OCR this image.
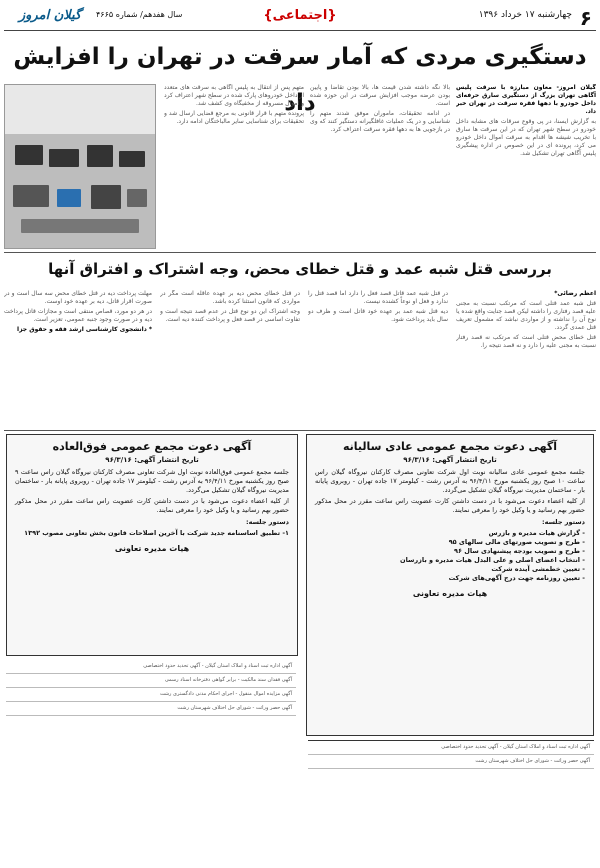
۶
چهارشنبه ۱۷ خرداد ۱۳۹۶
{اجتماعی}
سال هفدهم/ شماره ۴۶۶۵
گیلان امروز
دستگیری مردی که آمار سرقت در تهران را افزایش داد

گیلان امروز- معاون مبارزه با سرقت پلیس آگاهی تهران بزرگ از دستگیری سارق حرفه‌ای داخل خودرو با دهها فقره سرقت در تهران خبر داد.

به گزارش ایسنا، در پی وقوع سرقات های مشابه داخل خودرو در سطح شهر تهران که در این سرقت ها سارق با تخریب شیشه ها اقدام به سرقت اموال داخل خودرو می کرد، پرونده ای در این خصوص در اداره پیشگیری پلیس آگاهی تهران تشکیل شد.

بالا نگه داشته شدن قیمت ها، بالا بودن تقاضا و پایین بودن عرضه موجب افزایش سرقت در این حوزه شده است.

در ادامه تحقیقات، ماموران موفق شدند متهم را شناسایی و در یک عملیات غافلگیرانه دستگیر کنند که وی در بازجویی ها به دهها فقره سرقت اعتراف کرد.

متهم پس از انتقال به پلیس آگاهی به سرقت های متعدد از داخل خودروهای پارک شده در سطح شهر اعتراف کرد و اموال مسروقه از مخفیگاه وی کشف شد.

پرونده متهم با قرار قانونی به مرجع قضایی ارسال شد و تحقیقات برای شناسایی سایر مالباختگان ادامه دارد.

بررسی قتل شبه عمد و قتل خطای محض، وجه اشتراک و افتراق آنها

اعظم رضائی*

قتل شبه عمد قتلی است که مرتکب نسبت به مجنی علیه قصد رفتاری را داشته لیکن قصد جنایت واقع شده یا نوع آن را نداشته و از مواردی نباشد که مشمول تعریف قتل عمدی گردد.

قتل خطای محض قتلی است که مرتکب نه قصد رفتار نسبت به مجنی علیه را دارد و نه قصد نتیجه را.

در قتل شبه عمد قاتل قصد فعل را دارد اما قصد قتل را ندارد و فعل او نوعاً کشنده نیست.

دیه قتل شبه عمد بر عهده خود قاتل است و ظرف دو سال باید پرداخت شود.

در قتل خطای محض دیه بر عهده عاقله است مگر در مواردی که قانون استثنا کرده باشد.

وجه اشتراک این دو نوع قتل در عدم قصد نتیجه است و تفاوت اساسی در قصد فعل و پرداخت کننده دیه است.

مهلت پرداخت دیه در قتل خطای محض سه سال است و در صورت اقرار قاتل، دیه بر عهده خود اوست.

در هر دو مورد، قصاص منتفی است و مجازات قاتل پرداخت دیه و در صورت وجود جنبه عمومی، تعزیر است.

* دانشجوی کارشناسی ارشد فقه و حقوق جزا

آگهی دعوت مجمع عمومی عادی سالیانه
تاریخ انتشار آگهی: ۹۶/۳/۱۶

جلسه مجمع عمومی عادی سالیانه نوبت اول شرکت تعاونی مصرف کارکنان نیروگاه گیلان راس ساعت ۱۰ صبح روز یکشنبه مورخ ۹۶/۴/۱۱ به آدرس رشت - کیلومتر ۱۷ جاده تهران - روبروی پایانه بار - ساختمان مدیریت نیروگاه گیلان تشکیل می‌گردد.

از کلیه اعضاء دعوت می‌شود با در دست داشتن کارت عضویت راس ساعت مقرر در محل مذکور حضور بهم رسانید و یا وکیل خود را معرفی نمایند.

دستور جلسه:
- گزارش هیات مدیره و بازرس
- طرح و تصویب صورتهای مالی سالهای ۹۵
- طرح و تصویب بودجه پیشنهادی سال ۹۶
- انتخاب اعضای اصلی و علی البدل هیات مدیره و بازرسان
- تعیین خطمشی آینده شرکت
- تعیین روزنامه جهت درج آگهی‌های شرکت
هیات مدیره تعاونی
آگهی دعوت مجمع عمومی فوق‌العاده
تاریخ انتشار آگهی: ۹۶/۳/۱۶

جلسه مجمع عمومی فوق‌العاده نوبت اول شرکت تعاونی مصرف کارکنان نیروگاه گیلان راس ساعت ۹ صبح روز یکشنبه مورخ ۹۶/۴/۱۱ به آدرس رشت - کیلومتر ۱۷ جاده تهران - روبروی پایانه بار - ساختمان مدیریت نیروگاه گیلان تشکیل می‌گردد.

از کلیه اعضاء دعوت می‌شود با در دست داشتن کارت عضویت راس ساعت مقرر در محل مذکور حضور بهم رسانید و یا وکیل خود را معرفی نمایند.

دستور جلسه:
۱- تطبیق اساسنامه جدید شرکت با آخرین اصلاحات قانون بخش تعاونی مصوب ۱۳۹۲
هیات مدیره تعاونی
آگهی اداره ثبت اسناد و املاک استان گیلان - آگهی تحدید حدود اختصاصی
آگهی فقدان سند مالکیت - برابر گواهی دفترخانه اسناد رسمی
آگهی مزایده اموال منقول - اجرای احکام مدنی دادگستری رشت
آگهی حصر وراثت - شورای حل اختلاف شهرستان رشت
آگهی اداره ثبت اسناد و املاک استان گیلان - آگهی تحدید حدود اختصاصی
آگهی حصر وراثت - شورای حل اختلاف شهرستان رشت
